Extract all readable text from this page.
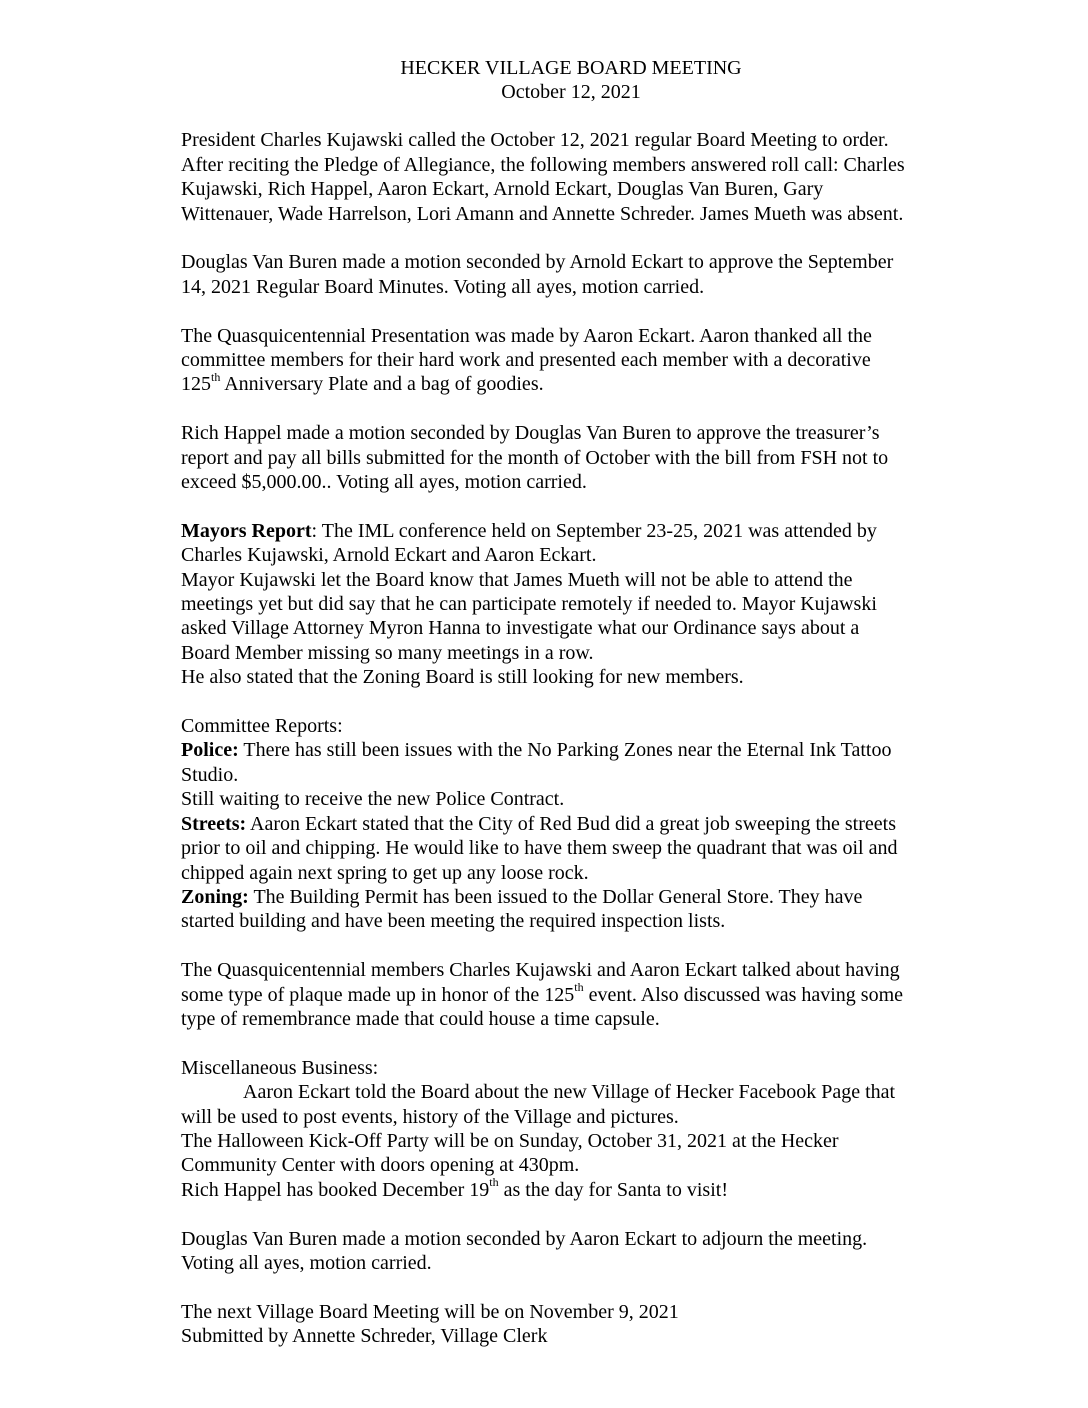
HECKER VILLAGE BOARD MEETING
October 12, 2021

President Charles Kujawski called the October 12, 2021 regular Board Meeting to order.
After reciting the Pledge of Allegiance, the following members answered roll call: Charles
Kujawski, Rich Happel, Aaron Eckart, Arnold Eckart, Douglas Van Buren, Gary
Wittenauer, Wade Harrelson, Lori Amann and Annette Schreder. James Mueth was absent.

Douglas Van Buren made a motion seconded by Arnold Eckart to approve the September
14, 2021 Regular Board Minutes. Voting all ayes, motion carried.

The Quasquicentennial Presentation was made by Aaron Eckart. Aaron thanked all the
committee members for their hard work and presented each member with a decorative
125th Anniversary Plate and a bag of goodies.

Rich Happel made a motion seconded by Douglas Van Buren to approve the treasurer’s
report and pay all bills submitted for the month of October with the bill from FSH not to
exceed $5,000.00.. Voting all ayes, motion carried.

Mayors Report: The IML conference held on September 23-25, 2021 was attended by
Charles Kujawski, Arnold Eckart and Aaron Eckart.
Mayor Kujawski let the Board know that James Mueth will not be able to attend the
meetings yet but did say that he can participate remotely if needed to. Mayor Kujawski
asked Village Attorney Myron Hanna to investigate what our Ordinance says about a
Board Member missing so many meetings in a row.
He also stated that the Zoning Board is still looking for new members.

Committee Reports:
Police: There has still been issues with the No Parking Zones near the Eternal Ink Tattoo
Studio.
Still waiting to receive the new Police Contract.
Streets: Aaron Eckart stated that the City of Red Bud did a great job sweeping the streets
prior to oil and chipping. He would like to have them sweep the quadrant that was oil and
chipped again next spring to get up any loose rock.
Zoning: The Building Permit has been issued to the Dollar General Store. They have
started building and have been meeting the required inspection lists.

The Quasquicentennial members Charles Kujawski and Aaron Eckart talked about having
some type of plaque made up in honor of the 125th event. Also discussed was having some
type of remembrance made that could house a time capsule.

Miscellaneous Business:
Aaron Eckart told the Board about the new Village of Hecker Facebook Page that
will be used to post events, history of the Village and pictures.
The Halloween Kick-Off Party will be on Sunday, October 31, 2021 at the Hecker
Community Center with doors opening at 430pm.
Rich Happel has booked December 19th as the day for Santa to visit!

Douglas Van Buren made a motion seconded by Aaron Eckart to adjourn the meeting.
Voting all ayes, motion carried.

The next Village Board Meeting will be on November 9, 2021
Submitted by Annette Schreder, Village Clerk
